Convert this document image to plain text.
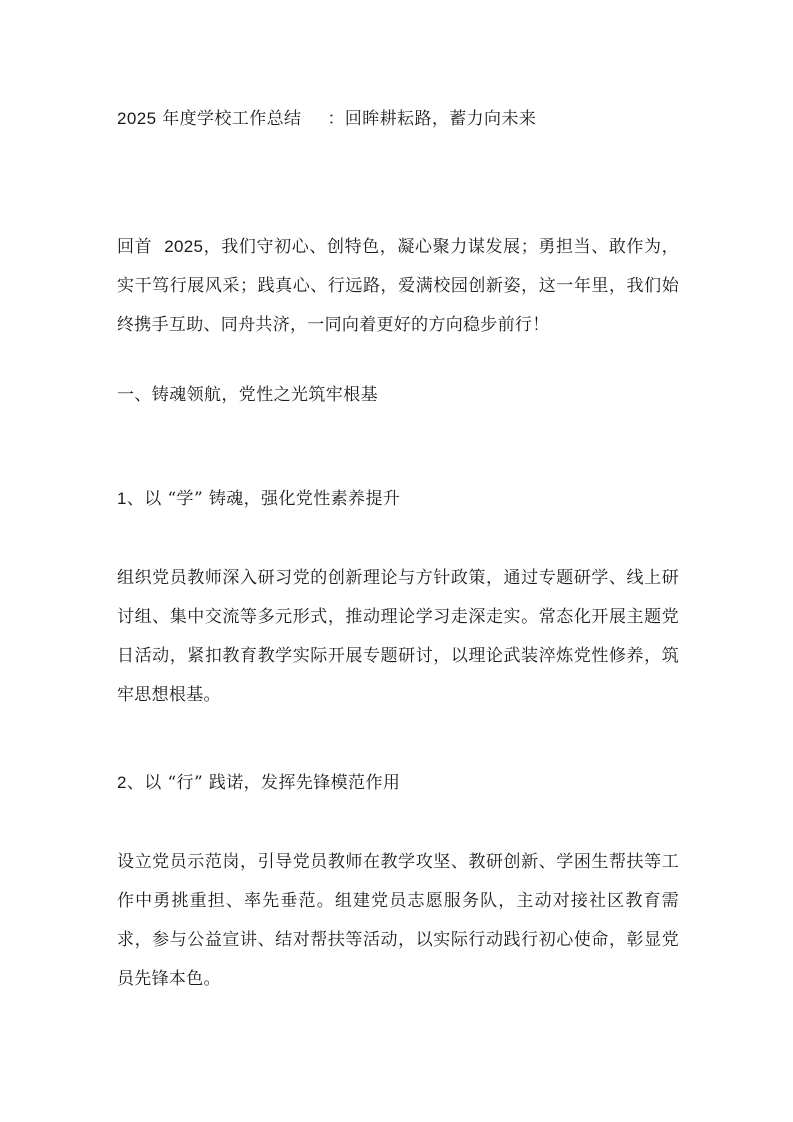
2025 年度学校工作总结 ：回眸耕耘路，蓄力向未来
回首 2025，我们守初心、创特色，凝心聚力谋发展；勇担当、敢作为，实干笃行展风采；践真心、行远路，爱满校园创新姿，这一年里，我们始终携手互助、同舟共济，一同向着更好的方向稳步前行！
一、铸魂领航，党性之光筑牢根基
1、以 “学” 铸魂，强化党性素养提升
组织党员教师深入研习党的创新理论与方针政策，通过专题研学、线上研讨组、集中交流等多元形式，推动理论学习走深走实。常态化开展主题党日活动，紧扣教育教学实际开展专题研讨，以理论武装淬炼党性修养，筑牢思想根基。
2、以 “行” 践诺，发挥先锋模范作用
设立党员示范岗，引导党员教师在教学攻坚、教研创新、学困生帮扶等工作中勇挑重担、率先垂范。组建党员志愿服务队，主动对接社区教育需求，参与公益宣讲、结对帮扶等活动，以实际行动践行初心使命，彰显党员先锋本色。
